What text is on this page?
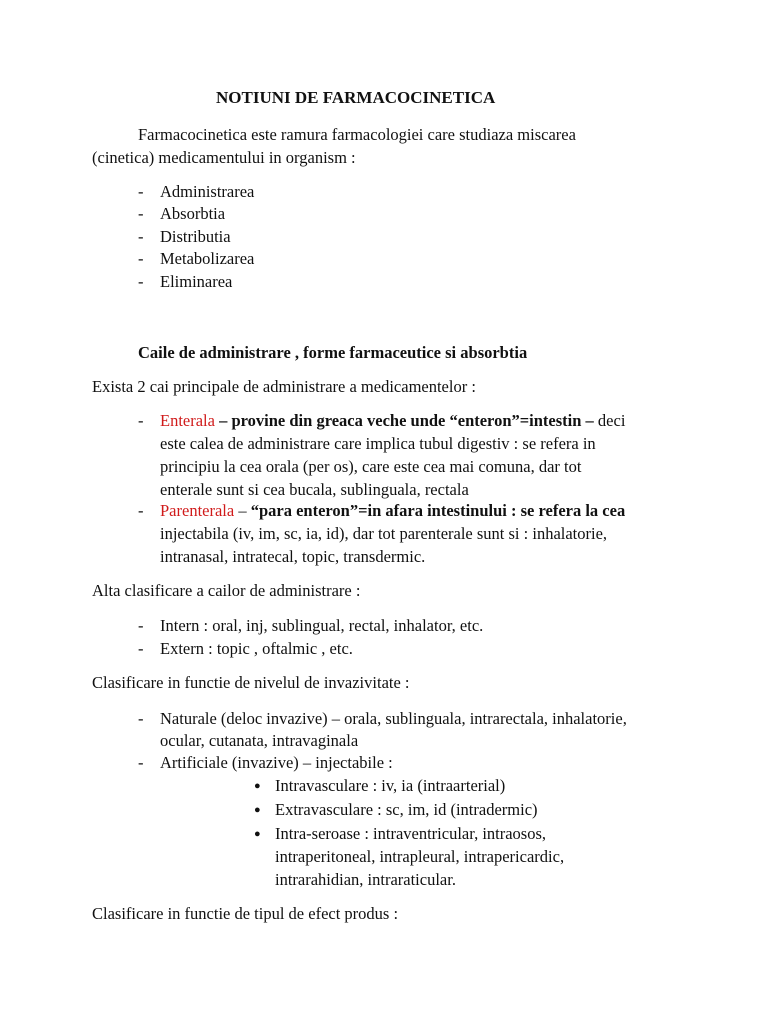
NOTIUNI DE FARMACOCINETICA
Farmacocinetica este ramura farmacologiei care studiaza miscarea
(cinetica) medicamentului in organism :
- Administrarea
- Absorbtia
- Distributia
- Metabolizarea
- Eliminarea
Caile de administrare , forme farmaceutice si absorbtia
Exista 2 cai principale de administrare a medicamentelor :
- Enterala – provine din greaca veche unde “enteron”=intestin – deci
este calea de administrare care implica tubul digestiv : se refera in
principiu la cea orala (per os), care este cea mai comuna, dar tot
enterale sunt si cea bucala, sublinguala, rectala
- Parenterala – “para enteron”=in afara intestinului : se refera la cea
injectabila (iv, im, sc, ia, id), dar tot parenterale sunt si : inhalatorie,
intranasal, intratecal, topic, transdermic.
Alta clasificare a cailor de administrare :
- Intern : oral, inj, sublingual, rectal, inhalator, etc.
- Extern : topic , oftalmic , etc.
Clasificare in functie de nivelul de invazivitate :
- Naturale (deloc invazive) – orala, sublinguala, intrarectala, inhalatorie,
ocular, cutanata, intravaginala
- Artificiale (invazive) – injectabile :
● Intravasculare : iv, ia (intraarterial)
● Extravasculare : sc, im, id (intradermic)
● Intra-seroase : intraventricular, intraosos,
intraperitoneal, intrapleural, intrapericardic,
intrarahidian, intraraticular.
Clasificare in functie de tipul de efect produs :
